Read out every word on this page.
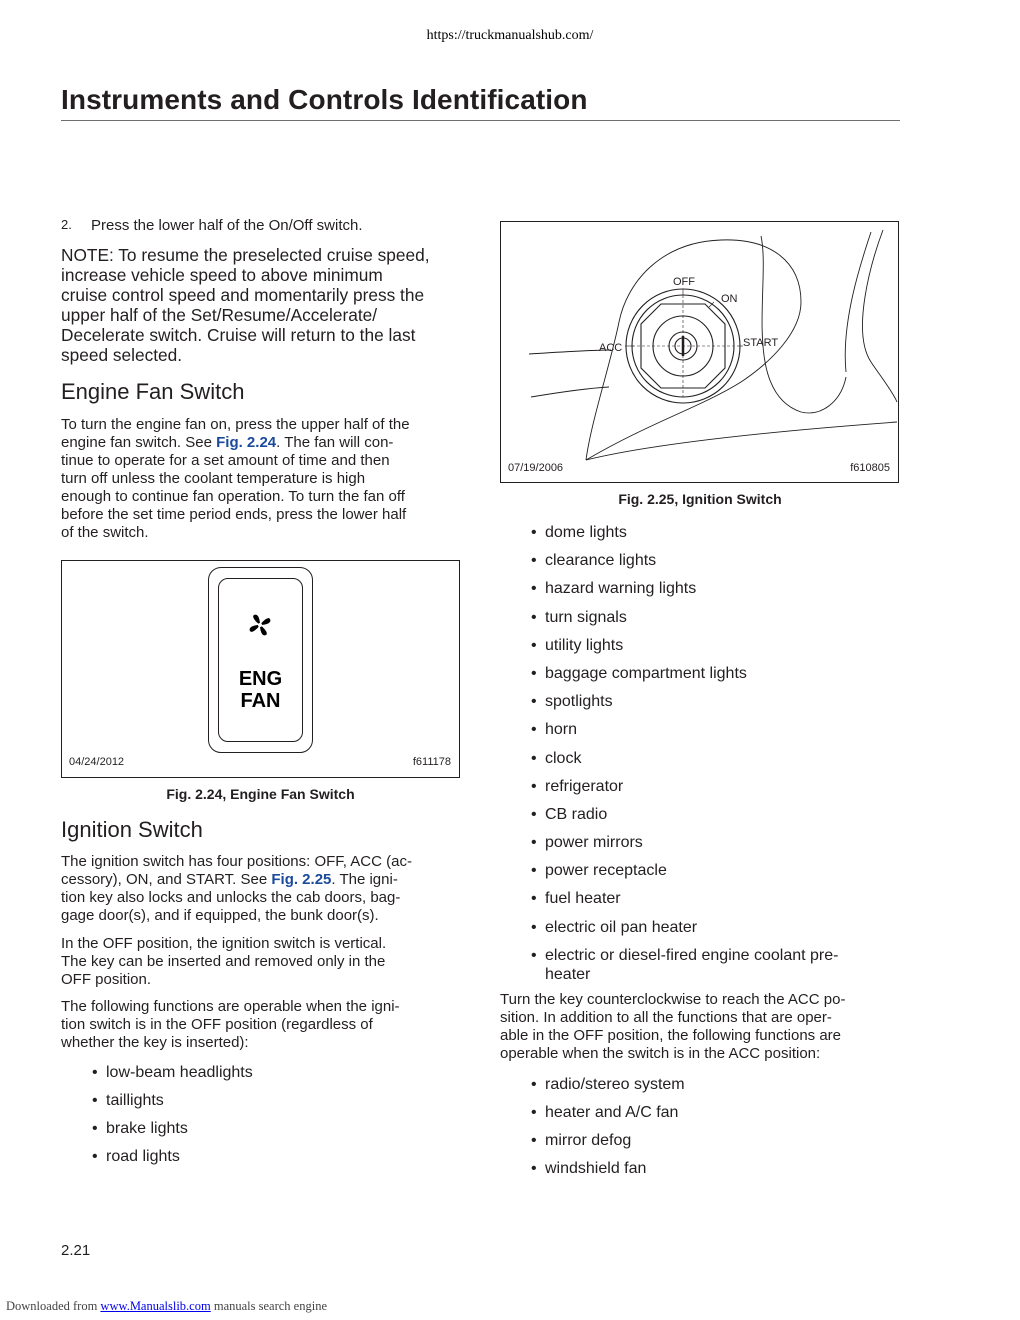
https://truckmanualshub.com/
Instruments and Controls Identification
2. Press the lower half of the On/Off switch.
NOTE: To resume the preselected cruise speed,
increase vehicle speed to above minimum
cruise control speed and momentarily press the
upper half of the Set/Resume/Accelerate/
Decelerate switch. Cruise will return to the last
speed selected.
Engine Fan Switch
To turn the engine fan on, press the upper half of the
engine fan switch. See Fig. 2.24. The fan will con-
tinue to operate for a set amount of time and then
turn off unless the coolant temperature is high
enough to continue fan operation. To turn the fan off
before the set time period ends, press the lower half
of the switch.
ENG
FAN
04/24/2012	f611178
Fig. 2.24, Engine Fan Switch
Ignition Switch
The ignition switch has four positions: OFF, ACC (ac-
cessory), ON, and START. See Fig. 2.25. The igni-
tion key also locks and unlocks the cab doors, bag-
gage door(s), and if equipped, the bunk door(s).
In the OFF position, the ignition switch is vertical.
The key can be inserted and removed only in the
OFF position.
The following functions are operable when the igni-
tion switch is in the OFF position (regardless of
whether the key is inserted):
• low-beam headlights
• taillights
• brake lights
• road lights
OFF
ON
ACC	START
07/19/2006	f610805
Fig. 2.25, Ignition Switch
• dome lights
• clearance lights
• hazard warning lights
• turn signals
• utility lights
• baggage compartment lights
• spotlights
• horn
• clock
• refrigerator
• CB radio
• power mirrors
• power receptacle
• fuel heater
• electric oil pan heater
• electric or diesel-fired engine coolant pre-
heater
Turn the key counterclockwise to reach the ACC po-
sition. In addition to all the functions that are oper-
able in the OFF position, the following functions are
operable when the switch is in the ACC position:
• radio/stereo system
• heater and A/C fan
• mirror defog
• windshield fan
2.21
Downloaded from www.Manualslib.com manuals search engine
